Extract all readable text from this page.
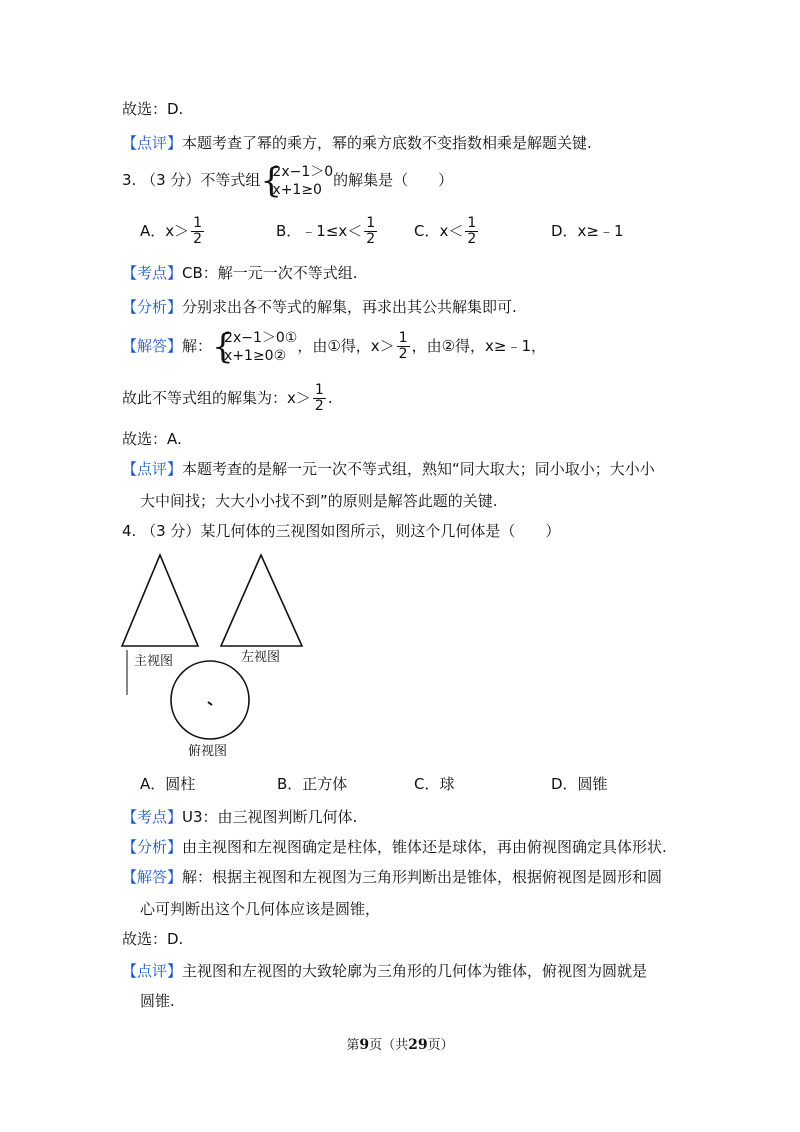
故选：D.
【点评】本题考查了幂的乘方，幂的乘方底数不变指数相乘是解题关键.
3. （3 分）不等式组 {
2x−1＞0
x+1≥0
的解集是（　　）
A．$x> \frac{1}{2}$	B．﹣1≤x＜ $\frac{1}{2}$ C．$x< \frac{1}{2}$	D．x≥﹣1
【考点】CB：解一元一次不等式组.
【分析】分别求出各不等式的解集，再求出其公共解集即可.
【解答】解： {
2x−1＞0①
x+1≥0②
，由①得，$x> \frac{1}{2}$ ，由②得，x≥﹣1，
故此不等式组的解集为：$x> \frac{1}{2}$ .
故选：A.
【点评】本题考查的是解一元一次不等式组，熟知“同大取大；同小取小；大小小
大中间找；大大小小找不到”的原则是解答此题的关键.
4. （3 分）某几何体的三视图如图所示，则这个几何体是（　　）
主视图	左视图
俯视图
A．圆柱	B．正方体	C．球	D．圆锥
【考点】U3：由三视图判断几何体.
【分析】由主视图和左视图确定是柱体，锥体还是球体，再由俯视图确定具体形状.
【解答】解：根据主视图和左视图为三角形判断出是锥体，根据俯视图是圆形和圆
心可判断出这个几何体应该是圆锥，
故选：D.
【点评】主视图和左视图的大致轮廓为三角形的几何体为锥体，俯视图为圆就是
圆锥.
第9页（共29页）
